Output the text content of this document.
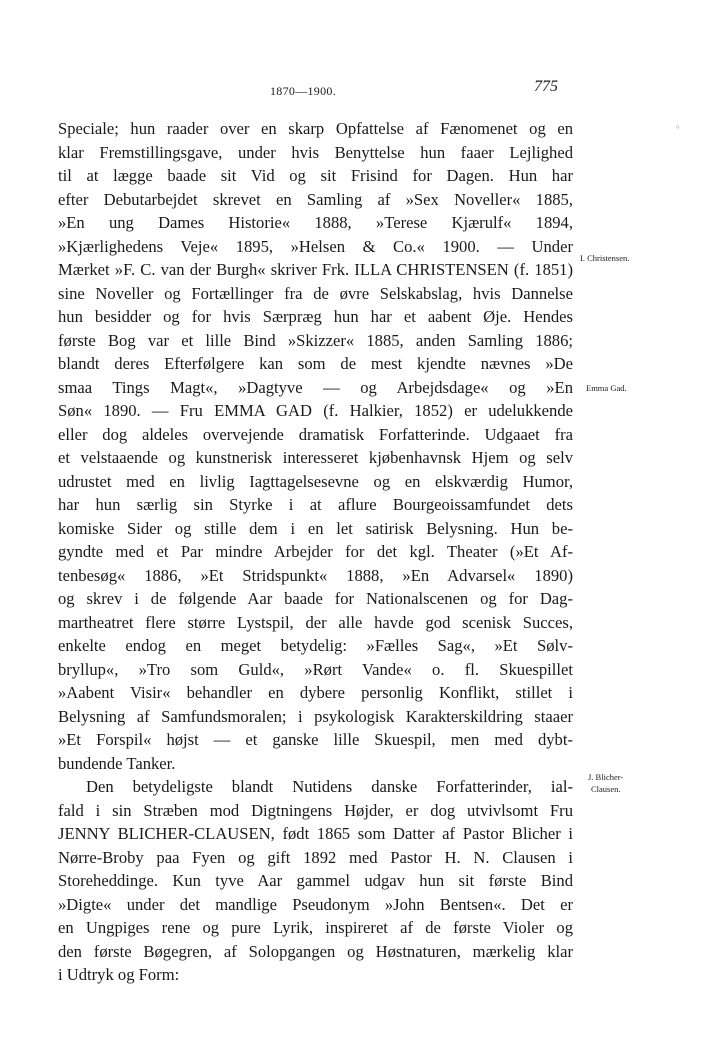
1870—1900.	775
°
Speciale; hun raader over en skarp Opfattelse af Fænomenet og en
klar Fremstillingsgave, under hvis Benyttelse hun faaer Lejlighed
til at lægge baade sit Vid og sit Frisind for Dagen. Hun har
efter Debutarbejdet skrevet en Samling af »Sex Noveller« 1885,
»En ung Dames Historie« 1888, »Terese Kjærulf« 1894,
»Kjærlighedens Veje« 1895, »Helsen & Co.« 1900. — Under
Mærket »F. C. van der Burgh« skriver Frk. ILLA CHRISTENSEN (f. 1851)
sine Noveller og Fortællinger fra de øvre Selskabslag, hvis Dannelse
hun besidder og for hvis Særpræg hun har et aabent Øje. Hendes
første Bog var et lille Bind »Skizzer« 1885, anden Samling 1886;
blandt deres Efterfølgere kan som de mest kjendte nævnes »De
smaa Tings Magt«, »Dagtyve — og Arbejdsdage« og »En
Søn« 1890. — Fru EMMA GAD (f. Halkier, 1852) er udelukkende
eller dog aldeles overvejende dramatisk Forfatterinde. Udgaaet fra
et velstaaende og kunstnerisk interesseret kjøbenhavnsk Hjem og selv
udrustet med en livlig Iagttagelsesevne og en elskværdig Humor,
har hun særlig sin Styrke i at aflure Bourgeoissamfundet dets
komiske Sider og stille dem i en let satirisk Belysning. Hun be-
gyndte med et Par mindre Arbejder for det kgl. Theater (»Et Af-
tenbesøg« 1886, »Et Stridspunkt« 1888, »En Advarsel« 1890)
og skrev i de følgende Aar baade for Nationalscenen og for Dag-
martheatret flere større Lystspil, der alle havde god scenisk Succes,
enkelte endog en meget betydelig: »Fælles Sag«, »Et Sølv-
bryllup«, »Tro som Guld«, »Rørt Vande« o. fl. Skuespillet
»Aabent Visir« behandler en dybere personlig Konflikt, stillet i
Belysning af Samfundsmoralen; i psykologisk Karakterskildring staaer
»Et Forspil« højst — et ganske lille Skuespil, men med dybt-
bundende Tanker.
Den betydeligste blandt Nutidens danske Forfatterinder, ial-
fald i sin Stræben mod Digtningens Højder, er dog utvivlsomt Fru
JENNY BLICHER-CLAUSEN, født 1865 som Datter af Pastor Blicher i
Nørre-Broby paa Fyen og gift 1892 med Pastor H. N. Clausen i
Storeheddinge. Kun tyve Aar gammel udgav hun sit første Bind
»Digte« under det mandlige Pseudonym »John Bentsen«. Det er
en Ungpiges rene og pure Lyrik, inspireret af de første Violer og
den første Bøgegren, af Solopgangen og Høstnaturen, mærkelig klar
i Udtryk og Form:
I. Christensen.
Emma Gad.
J. Blicher-
Clausen.
